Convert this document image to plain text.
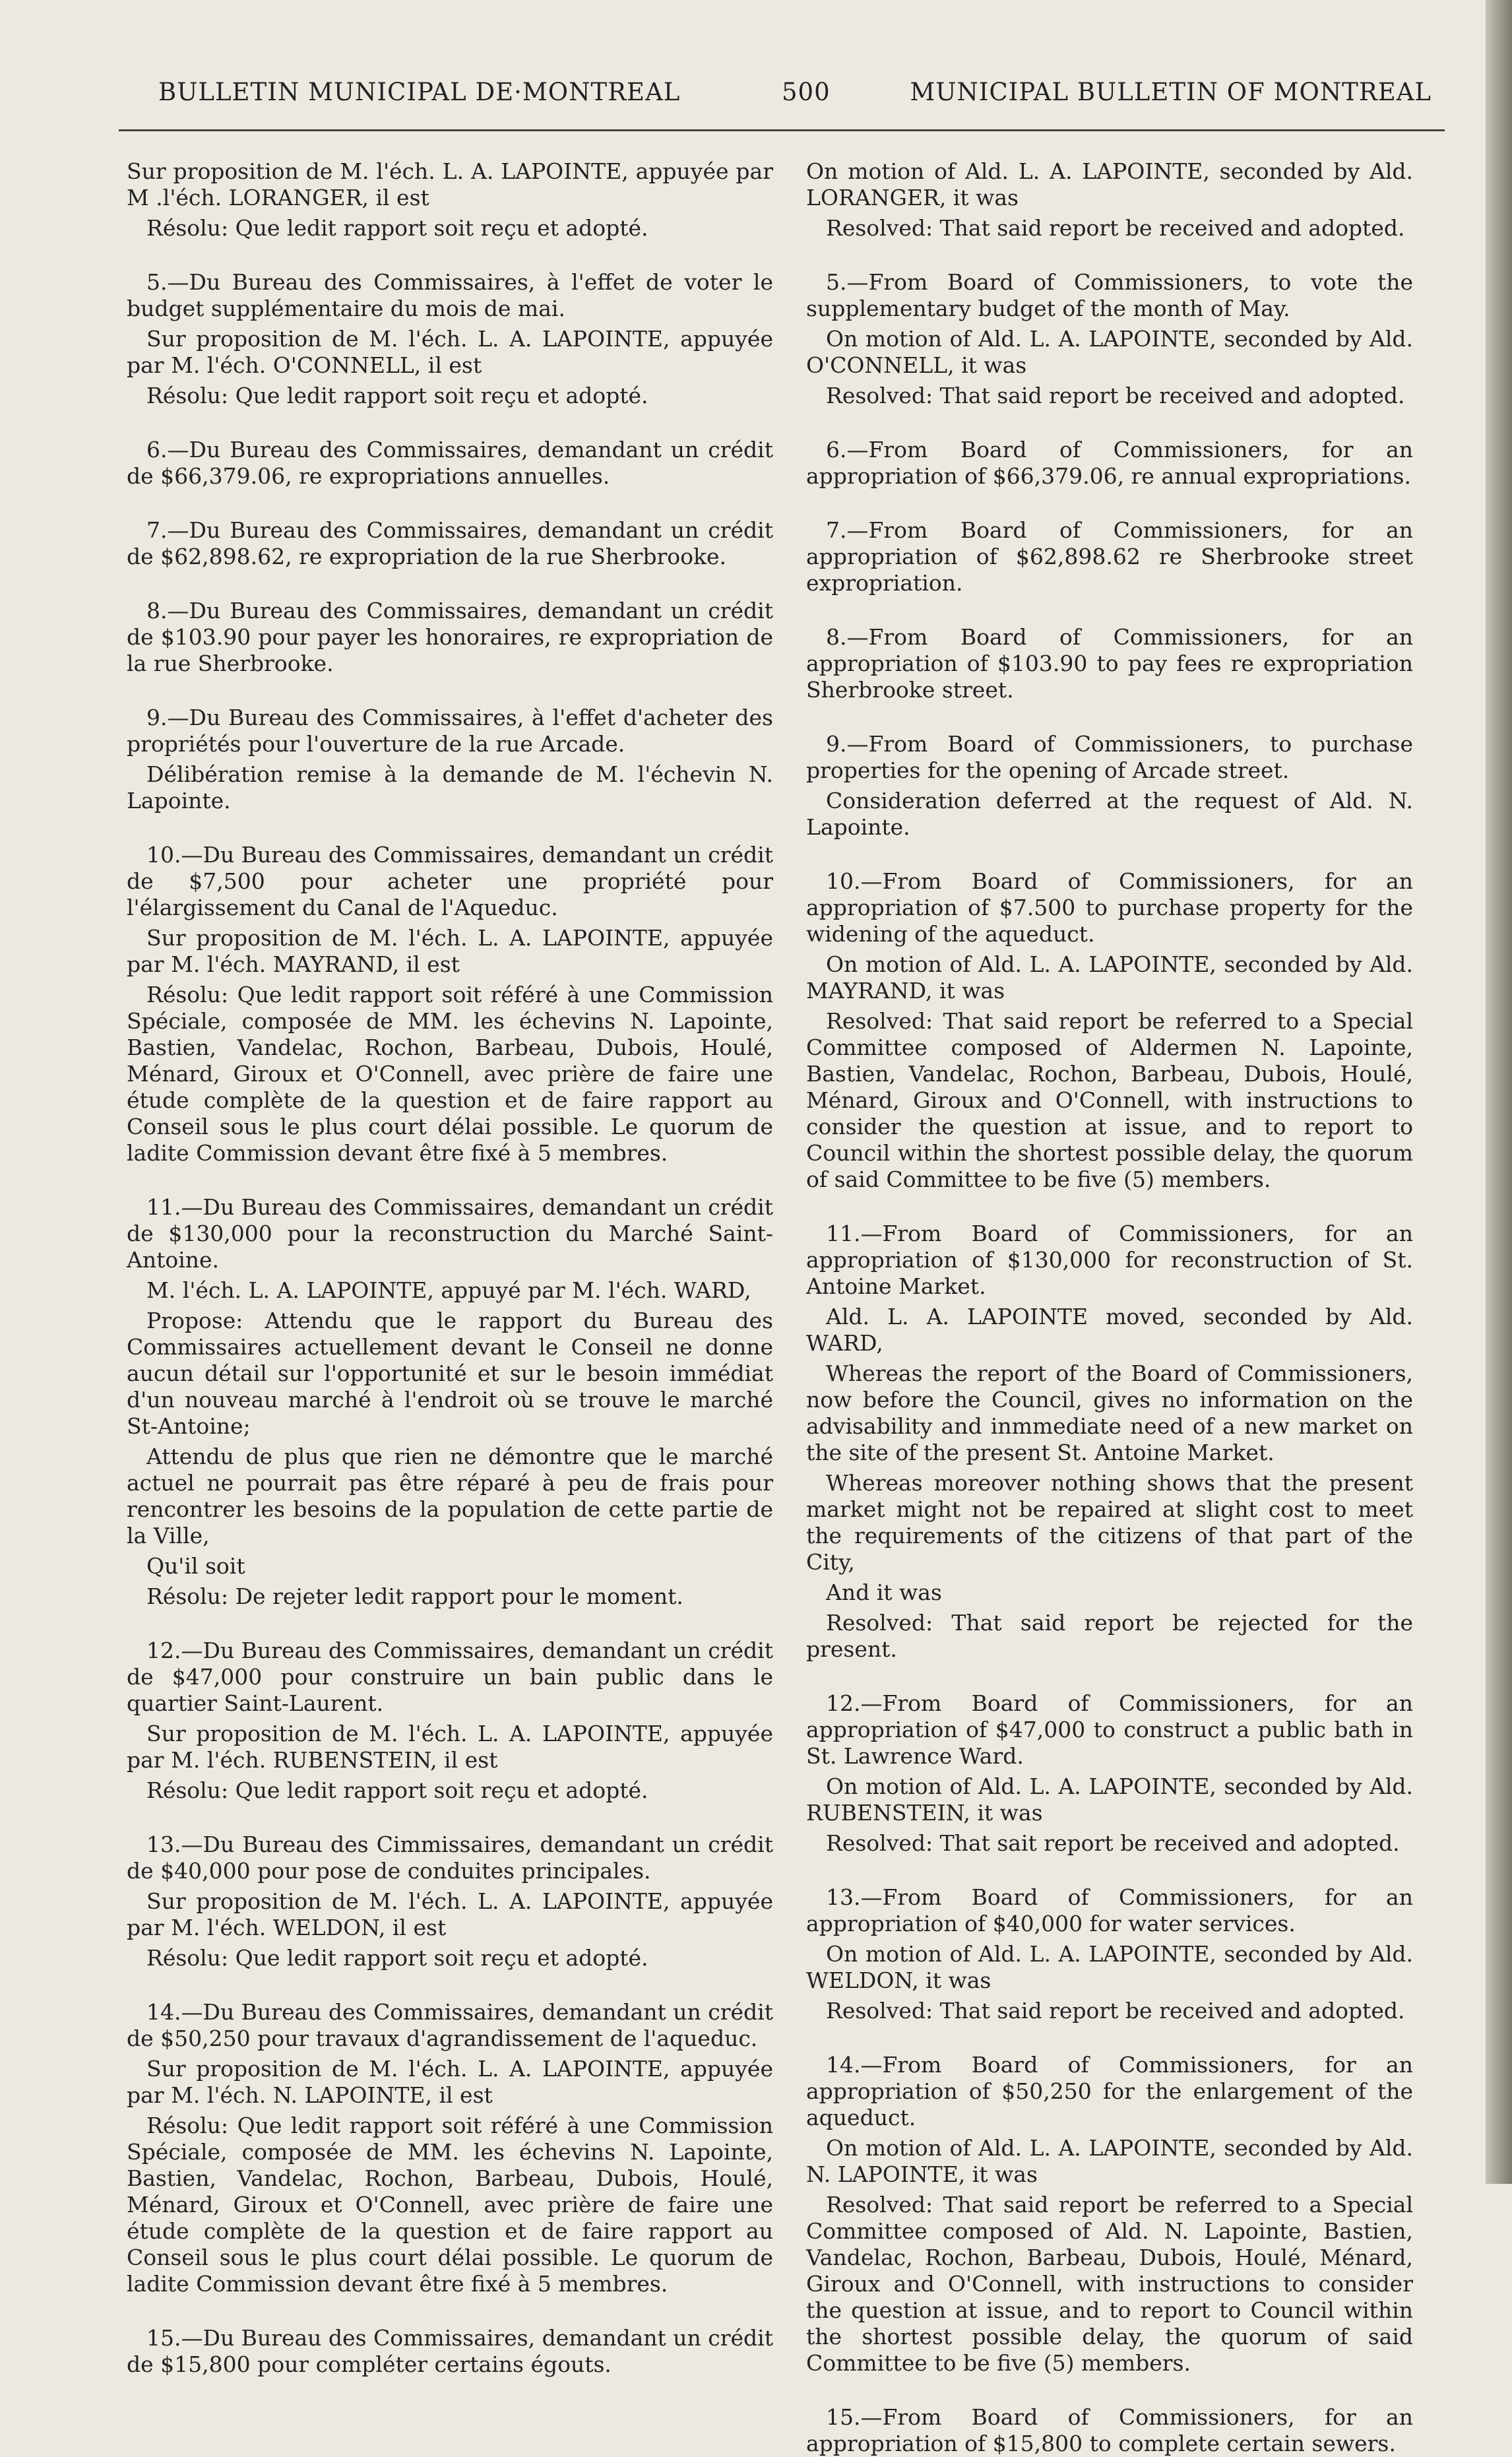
BULLETIN MUNICIPAL DE·MONTREAL	500	MUNICIPAL BULLETIN OF MONTREAL

Sur proposition de M. l'éch. L. A. LAPOINTE, appuyée par M .l'éch. LORANGER, il est

Résolu: Que ledit rapport soit reçu et adopté.

5.—Du Bureau des Commissaires, à l'effet de voter le budget supplémentaire du mois de mai.

Sur proposition de M. l'éch. L. A. LAPOINTE, appuyée par M. l'éch. O'CONNELL, il est

Résolu: Que ledit rapport soit reçu et adopté.

6.—Du Bureau des Commissaires, demandant un crédit de $66,379.06, re expropriations annuelles.

7.—Du Bureau des Commissaires, demandant un crédit de $62,898.62, re expropriation de la rue Sherbrooke.

8.—Du Bureau des Commissaires, demandant un crédit de $103.90 pour payer les honoraires, re expropriation de la rue Sherbrooke.

9.—Du Bureau des Commissaires, à l'effet d'acheter des propriétés pour l'ouverture de la rue Arcade.

Délibération remise à la demande de M. l'échevin N. Lapointe.

10.—Du Bureau des Commissaires, demandant un crédit de $7,500 pour acheter une propriété pour l'élargissement du Canal de l'Aqueduc.

Sur proposition de M. l'éch. L. A. LAPOINTE, appuyée par M. l'éch. MAYRAND, il est

Résolu: Que ledit rapport soit référé à une Commission Spéciale, composée de MM. les échevins N. Lapointe, Bastien, Vandelac, Rochon, Barbeau, Dubois, Houlé, Ménard, Giroux et O'Connell, avec prière de faire une étude complète de la question et de faire rapport au Conseil sous le plus court délai possible. Le quorum de ladite Commission devant être fixé à 5 membres.

11.—Du Bureau des Commissaires, demandant un crédit de $130,000 pour la reconstruction du Marché Saint-Antoine.

M. l'éch. L. A. LAPOINTE, appuyé par M. l'éch. WARD,

Propose: Attendu que le rapport du Bureau des Commissaires actuellement devant le Conseil ne donne aucun détail sur l'opportunité et sur le besoin immédiat d'un nouveau marché à l'endroit où se trouve le marché St-Antoine;

Attendu de plus que rien ne démontre que le marché actuel ne pourrait pas être réparé à peu de frais pour rencontrer les besoins de la population de cette partie de la Ville,

Qu'il soit

Résolu: De rejeter ledit rapport pour le moment.

12.—Du Bureau des Commissaires, demandant un crédit de $47,000 pour construire un bain public dans le quartier Saint-Laurent.

Sur proposition de M. l'éch. L. A. LAPOINTE, appuyée par M. l'éch. RUBENSTEIN, il est

Résolu: Que ledit rapport soit reçu et adopté.

13.—Du Bureau des Cimmissaires, demandant un crédit de $40,000 pour pose de conduites principales.

Sur proposition de M. l'éch. L. A. LAPOINTE, appuyée par M. l'éch. WELDON, il est

Résolu: Que ledit rapport soit reçu et adopté.

14.—Du Bureau des Commissaires, demandant un crédit de $50,250 pour travaux d'agrandissement de l'aqueduc.

Sur proposition de M. l'éch. L. A. LAPOINTE, appuyée par M. l'éch. N. LAPOINTE, il est

Résolu: Que ledit rapport soit référé à une Commission Spéciale, composée de MM. les échevins N. Lapointe, Bastien, Vandelac, Rochon, Barbeau, Dubois, Houlé, Ménard, Giroux et O'Connell, avec prière de faire une étude complète de la question et de faire rapport au Conseil sous le plus court délai possible. Le quorum de ladite Commission devant être fixé à 5 membres.

15.—Du Bureau des Commissaires, demandant un crédit de $15,800 pour compléter certains égouts.

On motion of Ald. L. A. LAPOINTE, seconded by Ald. LORANGER, it was

Resolved: That said report be received and adopted.

5.—From Board of Commissioners, to vote the supplementary budget of the month of May.

On motion of Ald. L. A. LAPOINTE, seconded by Ald. O'CONNELL, it was

Resolved: That said report be received and adopted.

6.—From Board of Commissioners, for an appropriation of $66,379.06, re annual expropriations.

7.—From Board of Commissioners, for an appropriation of $62,898.62 re Sherbrooke street expropriation.

8.—From Board of Commissioners, for an appropriation of $103.90 to pay fees re expropriation Sherbrooke street.

9.—From Board of Commissioners, to purchase properties for the opening of Arcade street.

Consideration deferred at the request of Ald. N. Lapointe.

10.—From Board of Commissioners, for an appropriation of $7.500 to purchase property for the widening of the aqueduct.

On motion of Ald. L. A. LAPOINTE, seconded by Ald. MAYRAND, it was

Resolved: That said report be referred to a Special Committee composed of Aldermen N. Lapointe, Bastien, Vandelac, Rochon, Barbeau, Dubois, Houlé, Ménard, Giroux and O'Connell, with instructions to consider the question at issue, and to report to Council within the shortest possible delay, the quorum of said Committee to be five (5) members.

11.—From Board of Commissioners, for an appropriation of $130,000 for reconstruction of St. Antoine Market.

Ald. L. A. LAPOINTE moved, seconded by Ald. WARD,

Whereas the report of the Board of Commissioners, now before the Council, gives no information on the advisability and inmmediate need of a new market on the site of the present St. Antoine Market.

Whereas moreover nothing shows that the present market might not be repaired at slight cost to meet the requirements of the citizens of that part of the City,

And it was

Resolved: That said report be rejected for the present.

12.—From Board of Commissioners, for an appropriation of $47,000 to construct a public bath in St. Lawrence Ward.

On motion of Ald. L. A. LAPOINTE, seconded by Ald. RUBENSTEIN, it was

Resolved: That sait report be received and adopted.

13.—From Board of Commissioners, for an appropriation of $40,000 for water services.

On motion of Ald. L. A. LAPOINTE, seconded by Ald. WELDON, it was

Resolved: That said report be received and adopted.

14.—From Board of Commissioners, for an appropriation of $50,250 for the enlargement of the aqueduct.

On motion of Ald. L. A. LAPOINTE, seconded by Ald. N. LAPOINTE, it was

Resolved: That said report be referred to a Special Committee composed of Ald. N. Lapointe, Bastien, Vandelac, Rochon, Barbeau, Dubois, Houlé, Ménard, Giroux and O'Connell, with instructions to consider the question at issue, and to report to Council within the shortest possible delay, the quorum of said Committee to be five (5) members.

15.—From Board of Commissioners, for an appropriation of $15,800 to complete certain sewers.
